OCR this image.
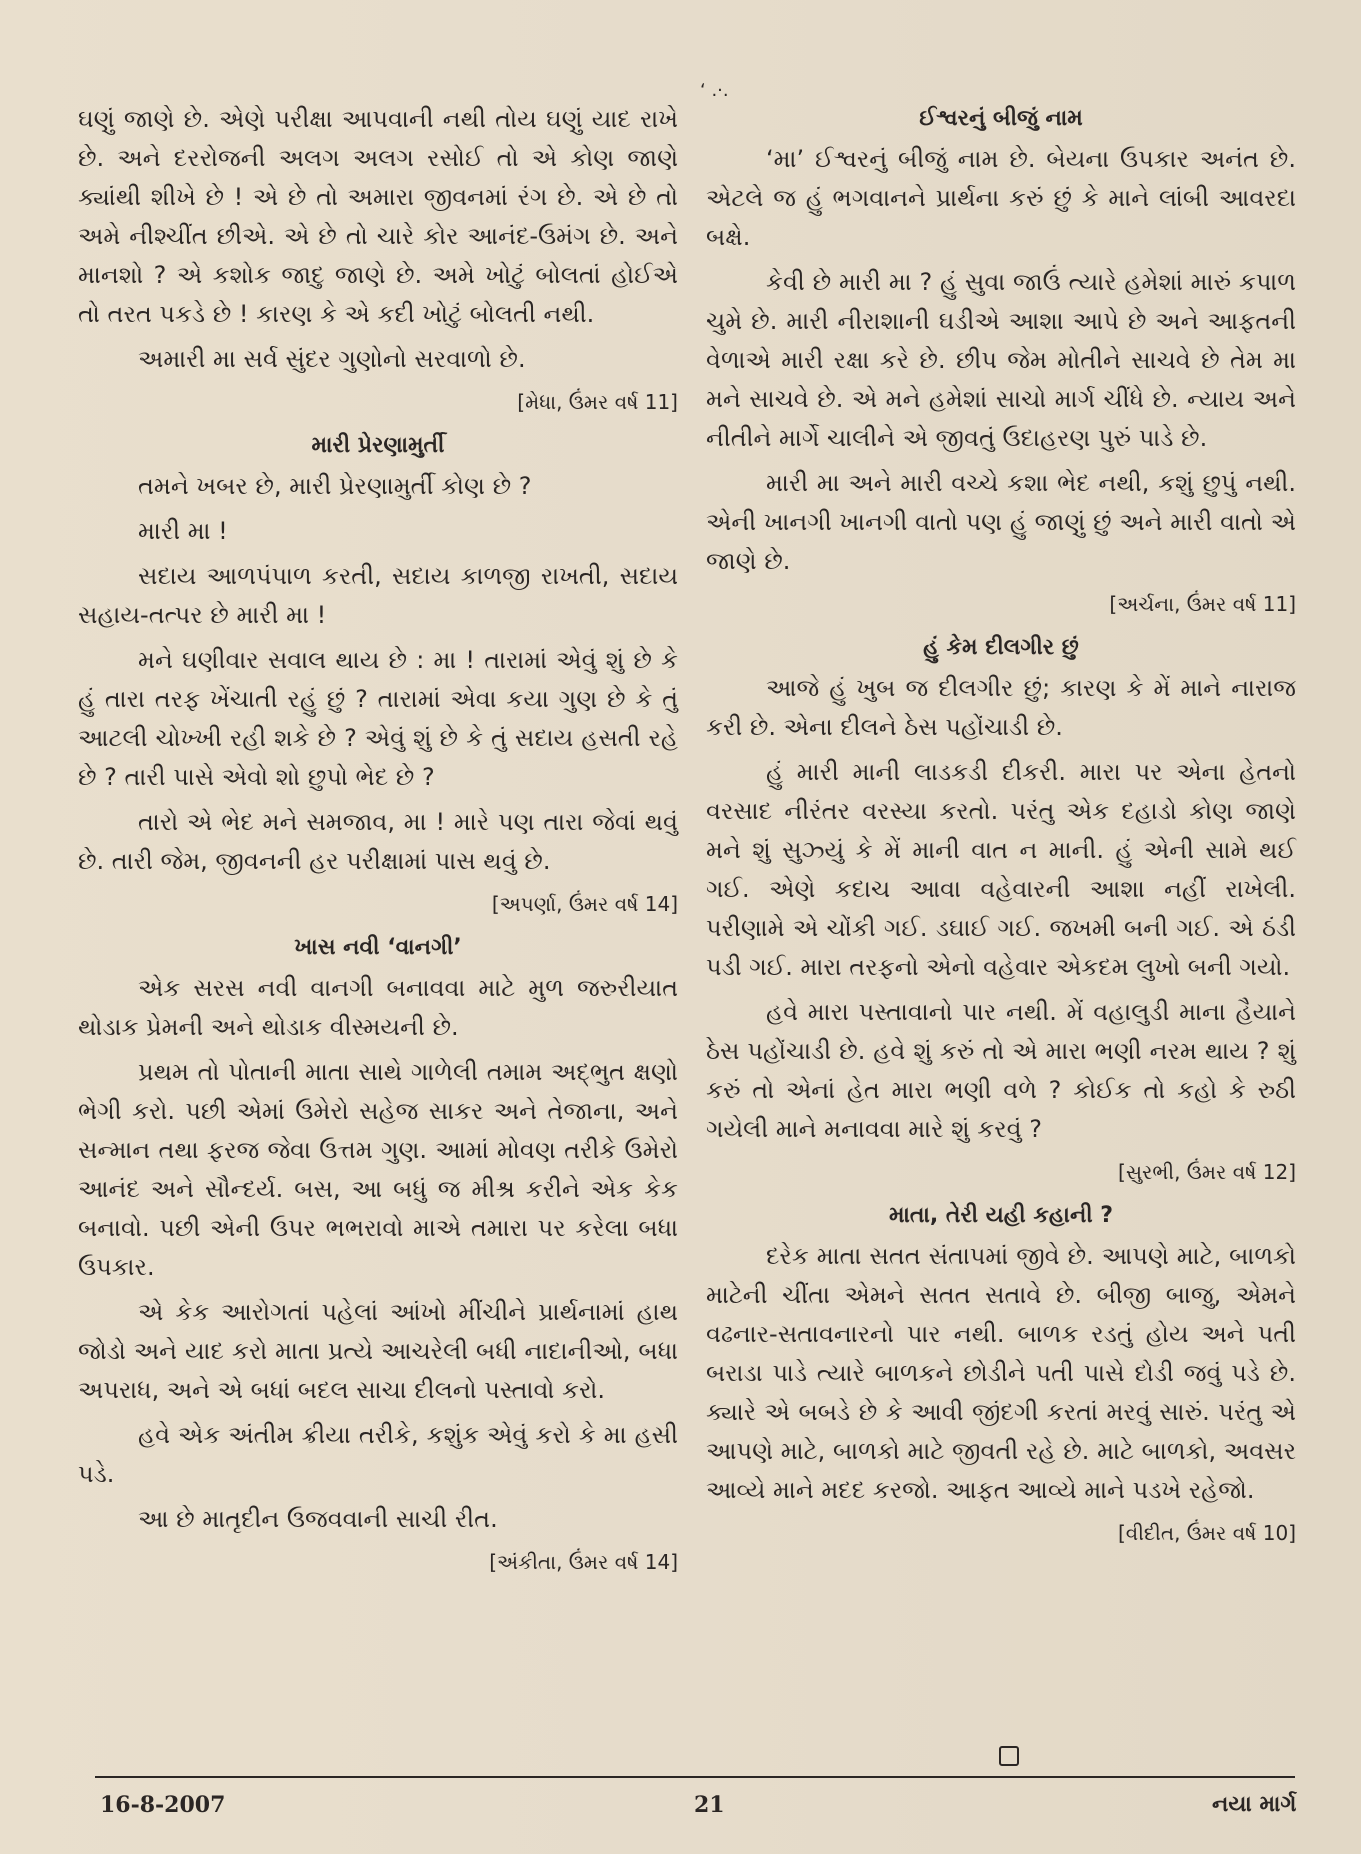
ʻ .·.

ઘણું જાણે છે. એણે પરીક્ષા આપવાની નથી તોય ઘણું યાદ રાખે છે. અને દરરોજની અલગ અલગ રસોઈ તો એ કોણ જાણે ક્યાંથી શીખે છે ! એ છે તો અમારા જીવનમાં રંગ છે. એ છે તો અમે નીશ્ચીંત છીએ. એ છે તો ચારે કોર આનંદ-ઉમંગ છે. અને માનશો ? એ કશોક જાદુ જાણે છે. અમે ખોટું બોલતાં હોઈએ તો તરત પકડે છે ! કારણ કે એ કદી ખોટું બોલતી નથી.

અમારી મા સર્વ સુંદર ગુણોનો સરવાળો છે.

[મેધા, ઉંમર વર્ષ 11]
મારી પ્રેરણામુર્તી

તમને ખબર છે, મારી પ્રેરણામુર્તી કોણ છે ?

મારી મા !

સદાય આળપંપાળ કરતી, સદાય કાળજી રાખતી, સદાય સહાય-તત્પર છે મારી મા !

મને ઘણીવાર સવાલ થાય છે : મા ! તારામાં એવું શું છે કે હું તારા તરફ ખેંચાતી રહું છું ? તારામાં એવા કયા ગુણ છે કે તું આટલી ચોખ્ખી રહી શકે છે ? એવું શું છે કે તું સદાય હસતી રહે છે ? તારી પાસે એવો શો છુપો ભેદ છે ?

તારો એ ભેદ મને સમજાવ, મા ! મારે પણ તારા જેવાં થવું છે. તારી જેમ, જીવનની હર પરીક્ષામાં પાસ થવું છે.

[અપર્ણા, ઉંમર વર્ષ 14]
ખાસ નવી ‘વાનગી’

એક સરસ નવી વાનગી બનાવવા માટે મુળ જરુરીયાત થોડાક પ્રેમની અને થોડાક વીસ્મયની છે.

પ્રથમ તો પોતાની માતા સાથે ગાળેલી તમામ અદ્ભુત ક્ષણો ભેગી કરો. પછી એમાં ઉમેરો સહેજ સાકર અને તેજાના, અને સન્માન તથા ફરજ જેવા ઉત્તમ ગુણ. આમાં મોવણ તરીકે ઉમેરો આનંદ અને સૌન્દર્ય. બસ, આ બધું જ મીશ્ર કરીને એક કેક બનાવો. પછી એની ઉપર ભભરાવો માએ તમારા પર કરેલા બધા ઉપકાર.

એ કેક આરોગતાં પહેલાં આંખો મીંચીને પ્રાર્થનામાં હાથ જોડો અને યાદ કરો માતા પ્રત્યે આચરેલી બધી નાદાનીઓ, બધા અપરાધ, અને એ બધાં બદલ સાચા દીલનો પસ્તાવો કરો.

હવે એક અંતીમ ક્રીયા તરીકે, કશુંક એવું કરો કે મા હસી પડે.

આ છે માતૃદીન ઉજવવાની સાચી રીત.

[અંકીતા, ઉંમર વર્ષ 14]
ઈશ્વરનું બીજું નામ

‘મા’ ઈશ્વરનું બીજું નામ છે. બેયના ઉપકાર અનંત છે. એટલે જ હું ભગવાનને પ્રાર્થના કરું છું કે માને લાંબી આવરદા બક્ષે.

કેવી છે મારી મા ? હું સુવા જાઉં ત્યારે હમેશાં મારું કપાળ ચુમે છે. મારી નીરાશાની ઘડીએ આશા આપે છે અને આફતની વેળાએ મારી રક્ષા કરે છે. છીપ જેમ મોતીને સાચવે છે તેમ મા મને સાચવે છે. એ મને હમેશાં સાચો માર્ગ ચીંધે છે. ન્યાય અને નીતીને માર્ગે ચાલીને એ જીવતું ઉદાહરણ પુરું પાડે છે.

મારી મા અને મારી વચ્ચે કશા ભેદ નથી, કશું છુપું નથી. એની ખાનગી ખાનગી વાતો પણ હું જાણું છું અને મારી વાતો એ જાણે છે.

[અર્ચના, ઉંમર વર્ષ 11]
હું કેમ દીલગીર છું

આજે હું ખુબ જ દીલગીર છું; કારણ કે મેં માને નારાજ કરી છે. એના દીલને ઠેસ પહોંચાડી છે.

હું મારી માની લાડકડી દીકરી. મારા પર એના હેતનો વરસાદ નીરંતર વરસ્યા કરતો. પરંતુ એક દહાડો કોણ જાણે મને શું સુઝ્યું કે મેં માની વાત ન માની. હું એની સામે થઈ ગઈ. એણે કદાચ આવા વહેવારની આશા નહીં રાખેલી. પરીણામે એ ચોંકી ગઈ. ડઘાઈ ગઈ. જખમી બની ગઈ. એ ઠંડી પડી ગઈ. મારા તરફનો એનો વહેવાર એકદમ લુખો બની ગયો.

હવે મારા પસ્તાવાનો પાર નથી. મેં વહાલુડી માના હૈયાને ઠેસ પહોંચાડી છે. હવે શું કરું તો એ મારા ભણી નરમ થાય ? શું કરું તો એનાં હેત મારા ભણી વળે ? કોઈક તો કહો કે રુઠી ગયેલી માને મનાવવા મારે શું કરવું ?

[સુરભી, ઉંમર વર્ષ 12]
માતા, તેરી યહી કહાની ?

દરેક માતા સતત સંતાપમાં જીવે છે. આપણે માટે, બાળકો માટેની ચીંતા એમને સતત સતાવે છે. બીજી બાજુ, એમને વઢનાર-સતાવનારનો પાર નથી. બાળક રડતું હોય અને પતી બરાડા પાડે ત્યારે બાળકને છોડીને પતી પાસે દોડી જવું પડે છે. ક્યારે એ બબડે છે કે આવી જીંદગી કરતાં મરવું સારું. પરંતુ એ આપણે માટે, બાળકો માટે જીવતી રહે છે. માટે બાળકો, અવસર આવ્યે માને મદદ કરજો. આફત આવ્યે માને પડખે રહેજો.

[વીદીત, ઉંમર વર્ષ 10]
16-8-2007	21	નયા માર્ગ
